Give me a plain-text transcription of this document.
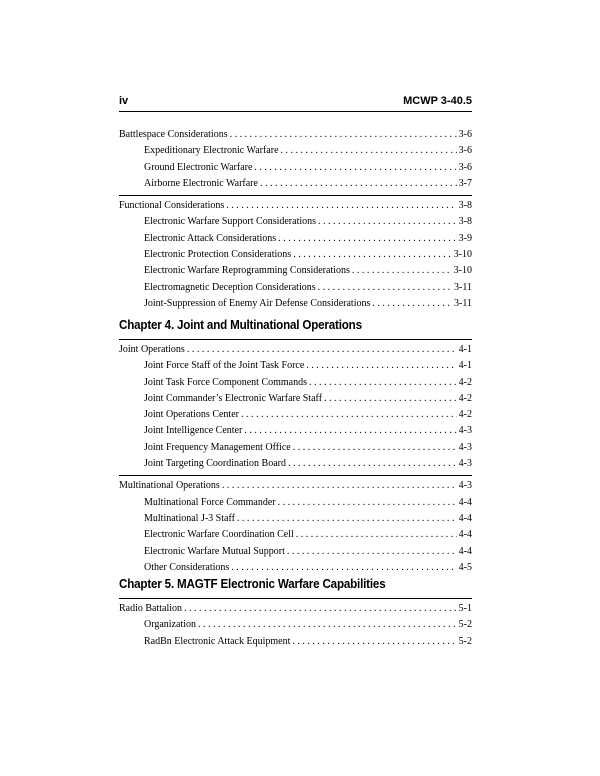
iv	MCWP 3-40.5
Battlespace Considerations . . .	3-6
Expeditionary Electronic Warfare . . .	3-6
Ground Electronic Warfare . . .	3-6
Airborne Electronic Warfare . . .	3-7
Functional Considerations . . .	3-8
Electronic Warfare Support Considerations . . .	3-8
Electronic Attack Considerations . . .	3-9
Electronic Protection Considerations . . .	3-10
Electronic Warfare Reprogramming Considerations . . .	3-10
Electromagnetic Deception Considerations . . .	3-11
Joint-Suppression of Enemy Air Defense Considerations . . .	3-11
Chapter 4. Joint and Multinational Operations
Joint Operations . . .	4-1
Joint Force Staff of the Joint Task Force . . .	4-1
Joint Task Force Component Commands . . .	4-2
Joint Commander’s Electronic Warfare Staff . . .	4-2
Joint Operations Center . . .	4-2
Joint Intelligence Center . . .	4-3
Joint Frequency Management Office . . .	4-3
Joint Targeting Coordination Board . . .	4-3
Multinational Operations . . .	4-3
Multinational Force Commander . . .	4-4
Multinational J-3 Staff . . .	4-4
Electronic Warfare Coordination Cell . . .	4-4
Electronic Warfare Mutual Support . . .	4-4
Other Considerations . . .	4-5
Chapter 5. MAGTF Electronic Warfare Capabilities
Radio Battalion . . .	5-1
Organization . . .	5-2
RadBn Electronic Attack Equipment . . .	5-2
